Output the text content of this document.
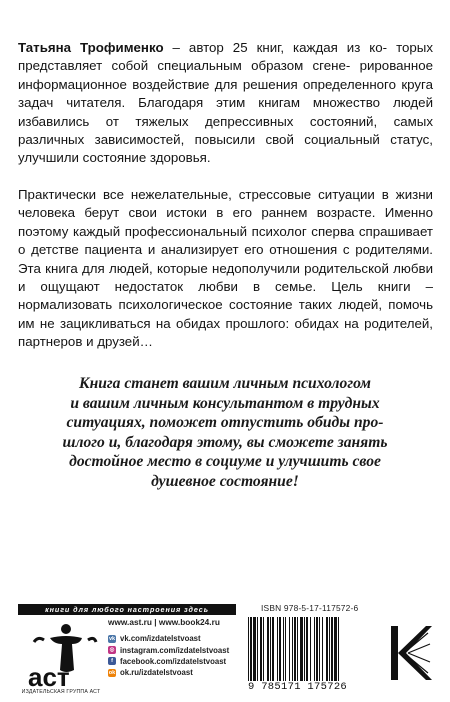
Татьяна Трофименко – автор 25 книг, каждая из ко- торых представляет собой специальным образом сгене- рированное информационное воздействие для решения определенного круга задач читателя. Благодаря этим книгам множество людей избавились от тяжелых депрессивных состояний, самых различных зависимостей, повысили свой социальный статус, улучшили состояние здоровья.
Практически все нежелательные, стрессовые ситуации в жизни человека берут свои истоки в его раннем возрасте. Именно поэтому каждый профессиональный психолог сперва спрашивает о детстве пациента и анализирует его отношения с родителями. Эта книга для людей, которые недополучили родительской любви и ощущают недостаток любви в семье. Цель книги – нормализовать психологическое состояние таких людей, помочь им не зацикливаться на обидах прошлого: обидах на родителей, партнеров и друзей…
Книга станет вашим личным психологом
и вашим личным консультантом в трудных
ситуациях, поможет отпустить обиды про-
шлого и, благодаря этому, вы сможете занять
достойное место в социуме и улучшить свое
душевное состояние!
книги для любого настроения здесь
аст
ИЗДАТЕЛЬСКАЯ ГРУППА АСТ
www.ast.ru | www.book24.ru
vk vk.com/izdatelstvoast
◎ instagram.com/izdatelstvoast
f facebook.com/izdatelstvoast
ok ok.ru/izdatelstvoast
ISBN 978-5-17-117572-6
9 785171 175726
